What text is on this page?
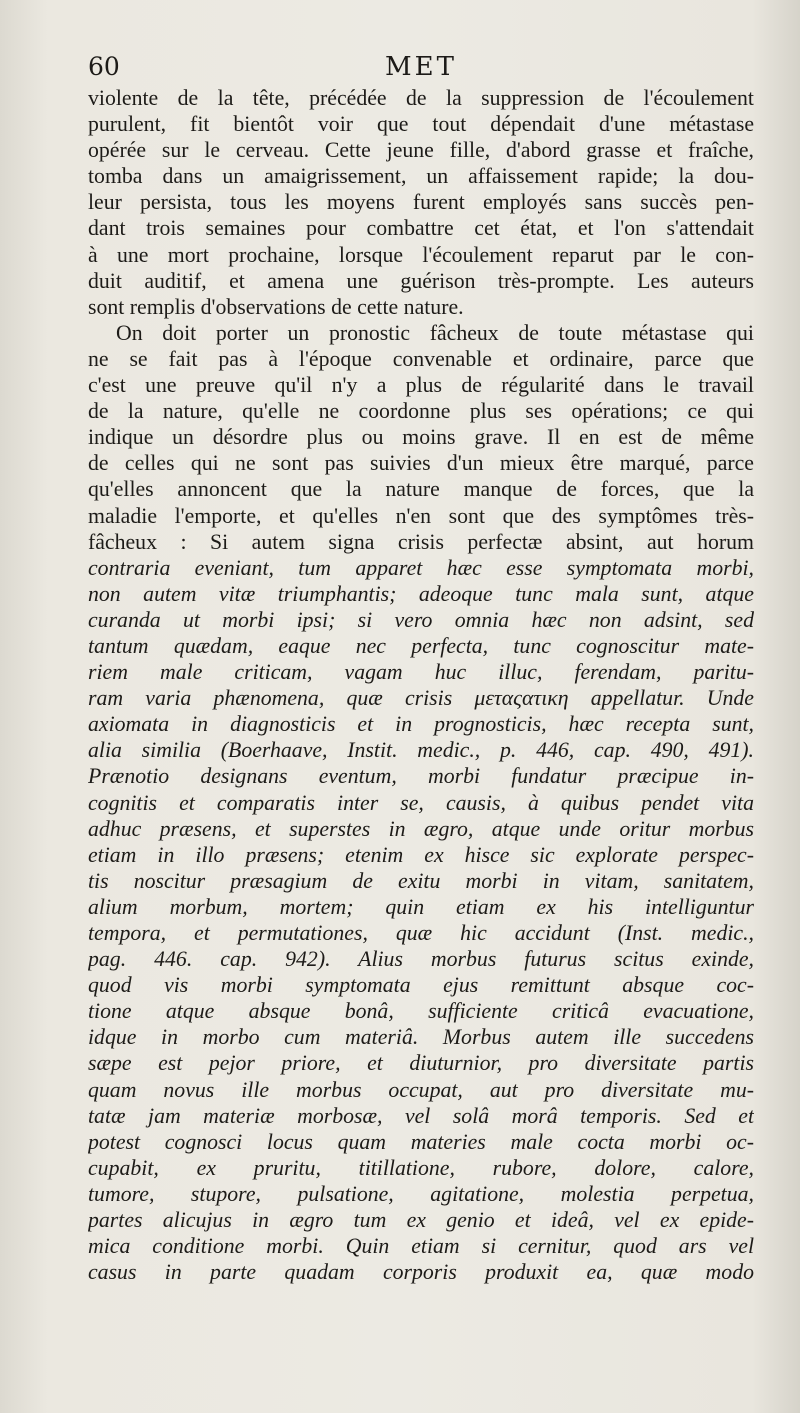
60	MET
violente de la tête, précédée de la suppression de l'écoulement
purulent, fit bientôt voir que tout dépendait d'une métastase
opérée sur le cerveau. Cette jeune fille, d'abord grasse et fraîche,
tomba dans un amaigrissement, un affaissement rapide; la dou-
leur persista, tous les moyens furent employés sans succès pen-
dant trois semaines pour combattre cet état, et l'on s'attendait
à une mort prochaine, lorsque l'écoulement reparut par le con-
duit auditif, et amena une guérison très-prompte. Les auteurs
sont remplis d'observations de cette nature.
On doit porter un pronostic fâcheux de toute métastase qui
ne se fait pas à l'époque convenable et ordinaire, parce que
c'est une preuve qu'il n'y a plus de régularité dans le travail
de la nature, qu'elle ne coordonne plus ses opérations; ce qui
indique un désordre plus ou moins grave. Il en est de même
de celles qui ne sont pas suivies d'un mieux être marqué, parce
qu'elles annoncent que la nature manque de forces, que la
maladie l'emporte, et qu'elles n'en sont que des symptômes très-
fâcheux : Si autem signa crisis perfectæ absint, aut horum
contraria eveniant, tum apparet hæc esse symptomata morbi,
non autem vitæ triumphantis; adeoque tunc mala sunt, atque
curanda ut morbi ipsi; si vero omnia hæc non adsint, sed
tantum quædam, eaque nec perfecta, tunc cognoscitur mate-
riem male criticam, vagam huc illuc, ferendam, paritu-
ram varia phænomena, quæ crisis μεταςατικη appellatur. Unde
axiomata in diagnosticis et in prognosticis, hæc recepta sunt,
alia similia (Boerhaave, Instit. medic., p. 446, cap. 490, 491).
Prænotio designans eventum, morbi fundatur præcipue in-
cognitis et comparatis inter se, causis, à quibus pendet vita
adhuc præsens, et superstes in ægro, atque unde oritur morbus
etiam in illo præsens; etenim ex hisce sic explorate perspec-
tis noscitur præsagium de exitu morbi in vitam, sanitatem,
alium morbum, mortem; quin etiam ex his intelliguntur
tempora, et permutationes, quæ hic accidunt (Inst. medic.,
pag. 446. cap. 942). Alius morbus futurus scitus exinde,
quod vis morbi symptomata ejus remittunt absque coc-
tione atque absque bonâ, sufficiente criticâ evacuatione,
idque in morbo cum materiâ. Morbus autem ille succedens
sæpe est pejor priore, et diuturnior, pro diversitate partis
quam novus ille morbus occupat, aut pro diversitate mu-
tatæ jam materiæ morbosæ, vel solâ morâ temporis. Sed et
potest cognosci locus quam materies male cocta morbi oc-
cupabit, ex pruritu, titillatione, rubore, dolore, calore,
tumore, stupore, pulsatione, agitatione, molestia perpetua,
partes alicujus in ægro tum ex genio et ideâ, vel ex epide-
mica conditione morbi. Quin etiam si cernitur, quod ars vel
casus in parte quadam corporis produxit ea, quæ modo
